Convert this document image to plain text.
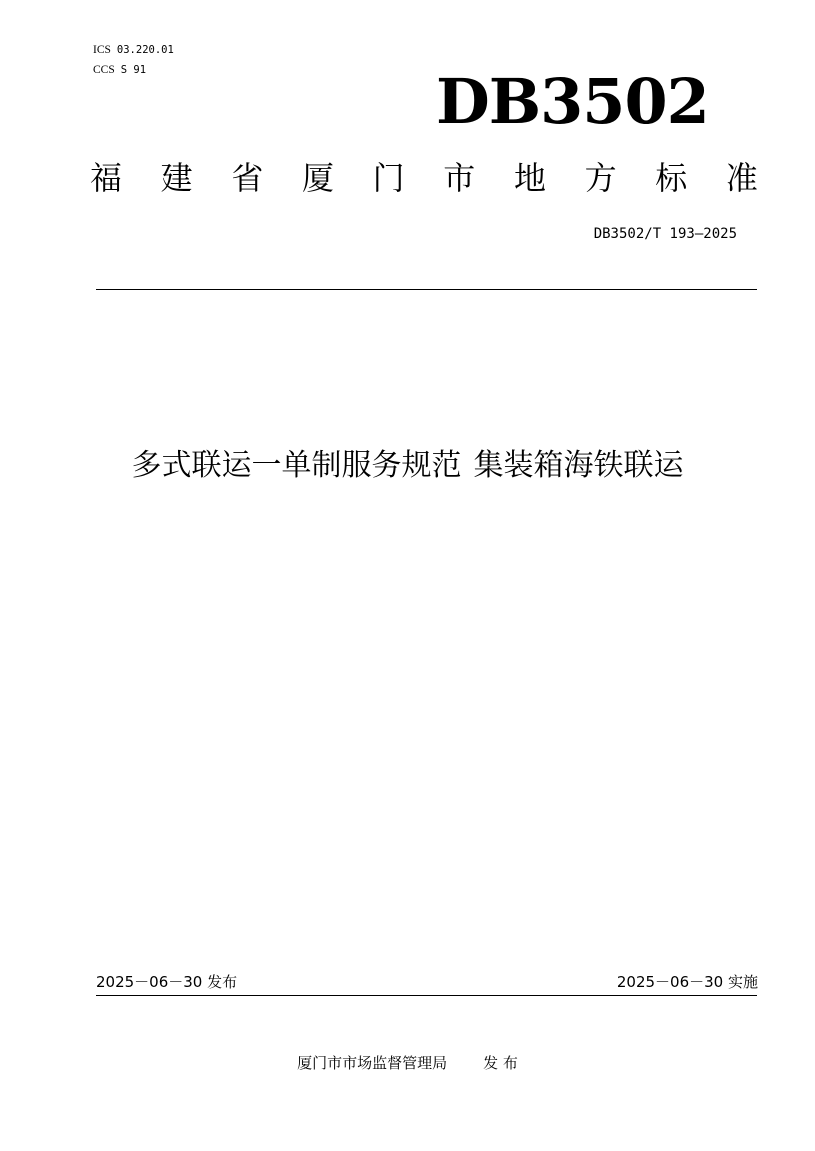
ICS 03.220.01
CCS S 91	DB3502
福 建 省 厦 门 市 地 方 标 准
DB3502/T 193—2025
多式联运一单制服务规范 集装箱海铁联运
2025－06－30 发布	2025－06－30 实施
厦门市市场监督管理局 发 布
